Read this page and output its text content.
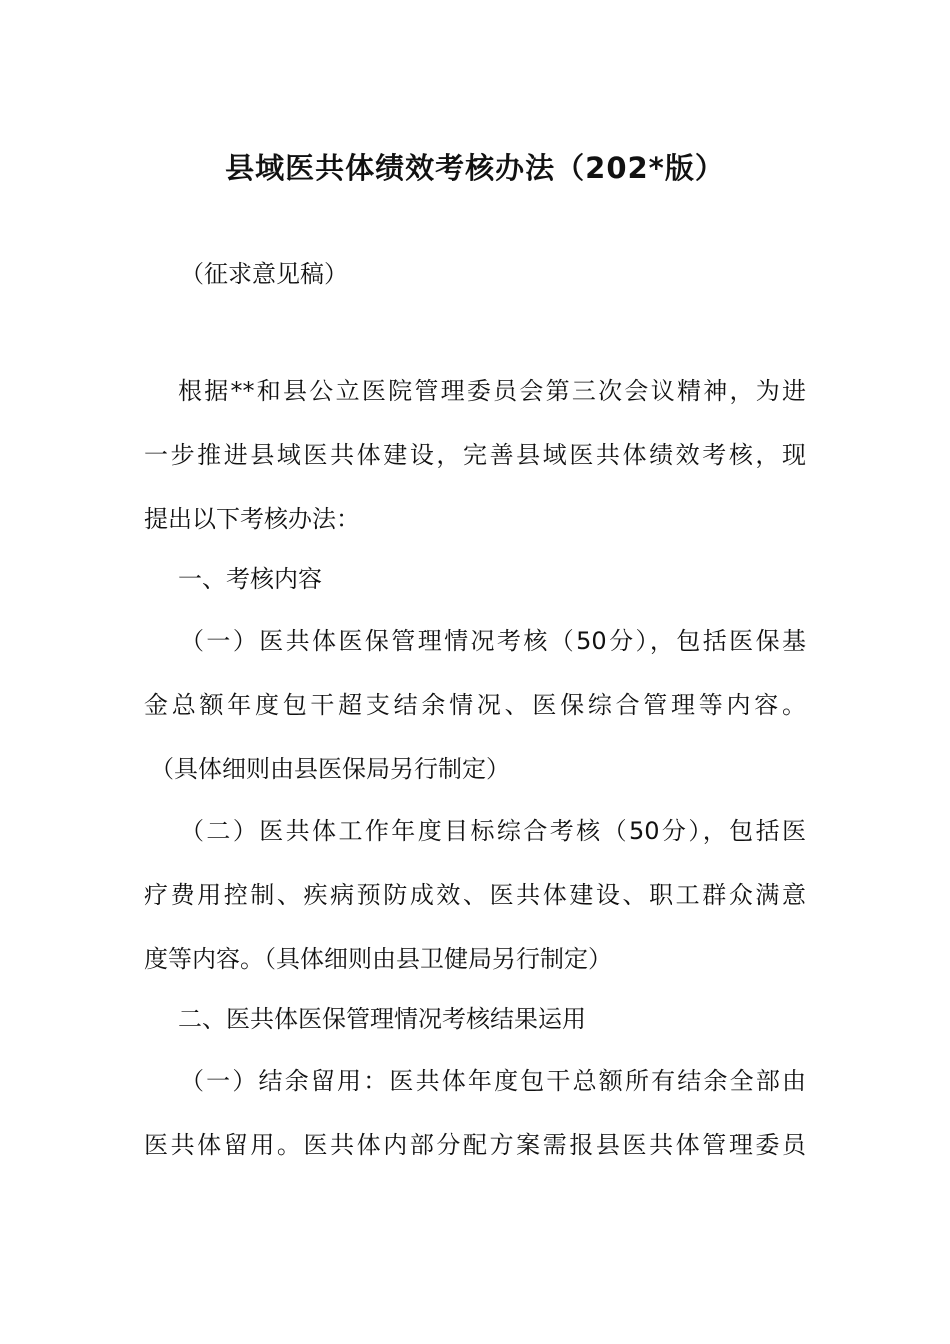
县域医共体绩效考核办法（202*版）
（征求意见稿）
根据**和县公立医院管理委员会第三次会议精神，为进
一步推进县域医共体建设，完善县域医共体绩效考核，现
提出以下考核办法：
一、考核内容
（一）医共体医保管理情况考核（50分），包括医保基
金总额年度包干超支结余情况、医保综合管理等内容。
（具体细则由县医保局另行制定）
（二）医共体工作年度目标综合考核（50分），包括医
疗费用控制、疾病预防成效、医共体建设、职工群众满意
度等内容。（具体细则由县卫健局另行制定）
二、医共体医保管理情况考核结果运用
（一）结余留用：医共体年度包干总额所有结余全部由
医共体留用。医共体内部分配方案需报县医共体管理委员
